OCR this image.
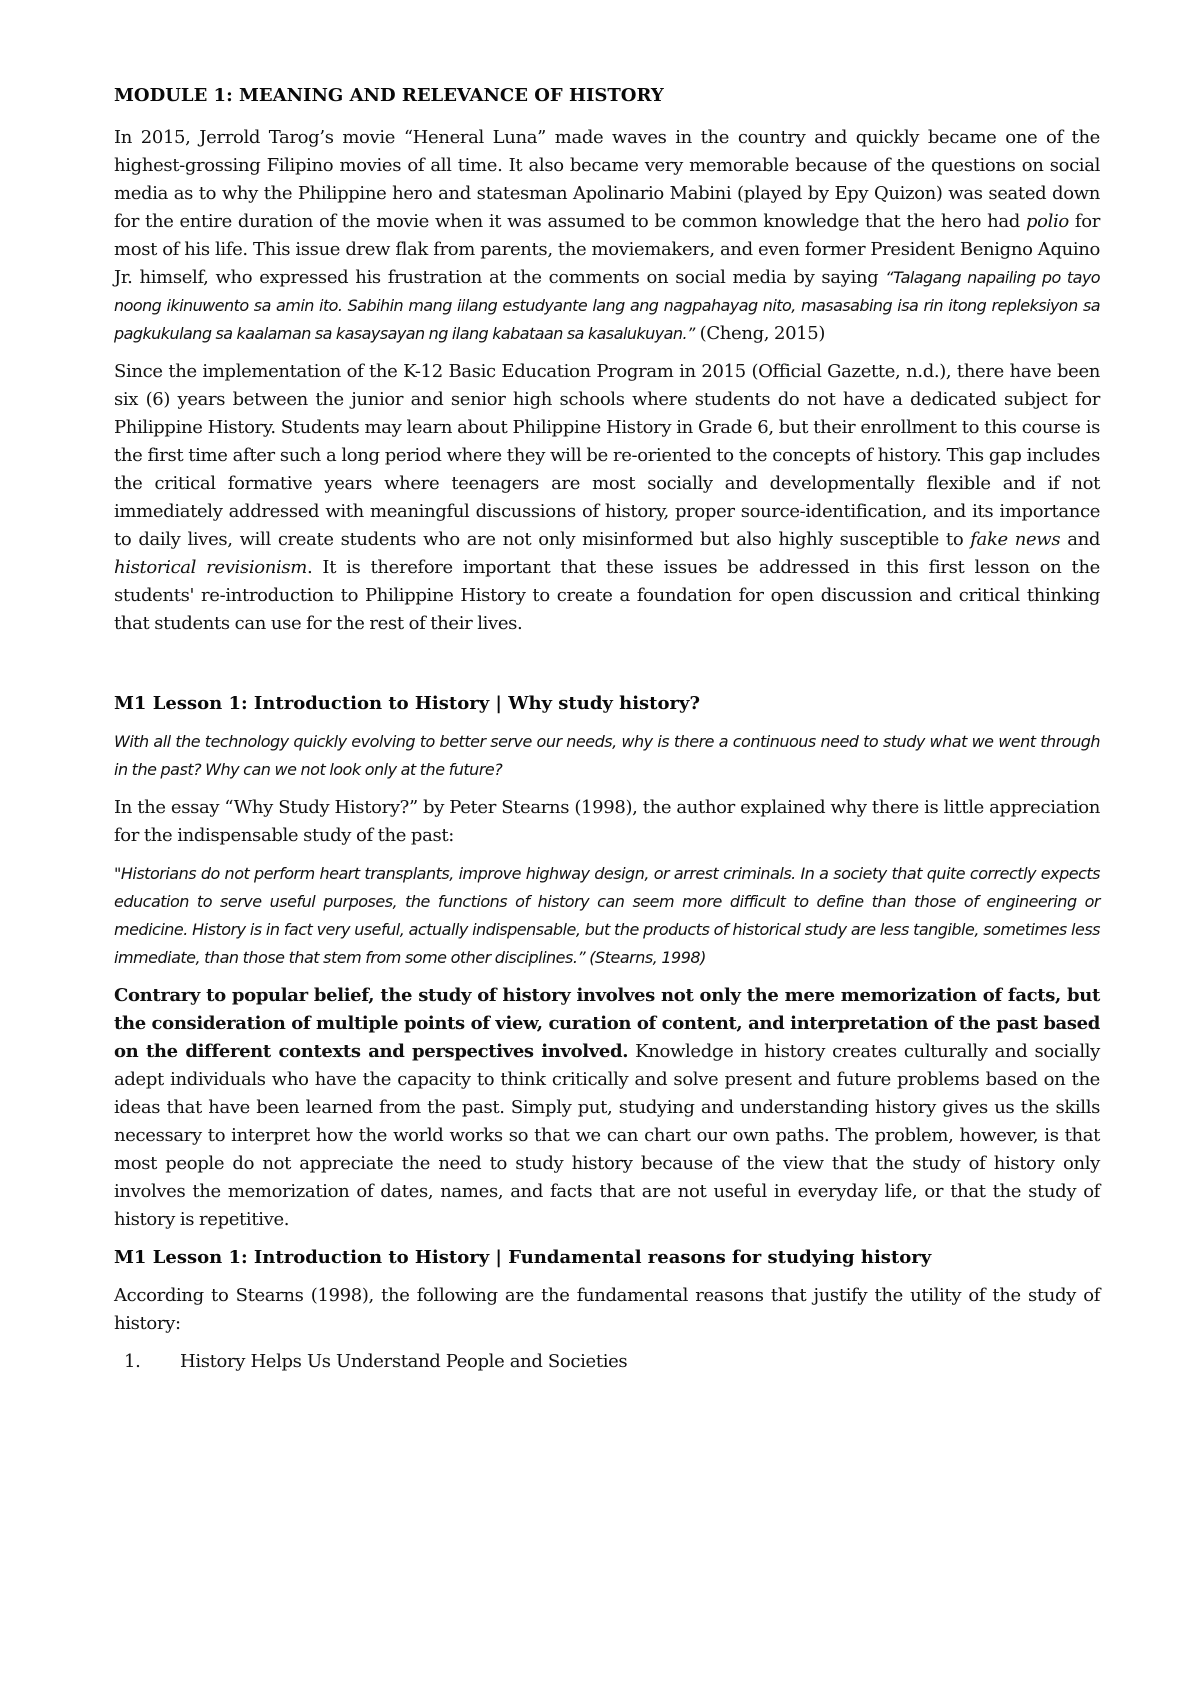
MODULE 1: MEANING AND RELEVANCE OF HISTORY

In 2015, Jerrold Tarog’s movie “Heneral Luna” made waves in the country and quickly became one of the highest-grossing Filipino movies of all time. It also became very memorable because of the questions on social media as to why the Philippine hero and statesman Apolinario Mabini (played by Epy Quizon) was seated down for the entire duration of the movie when it was assumed to be common knowledge that the hero had polio for most of his life. This issue drew flak from parents, the moviemakers, and even former President Benigno Aquino Jr. himself, who expressed his frustration at the comments on social media by saying “Talagang napailing po tayo noong ikinuwento sa amin ito. Sabihin mang iilang estudyante lang ang nagpahayag nito, masasabing isa rin itong repleksiyon sa pagkukulang sa kaalaman sa kasaysayan ng ilang kabataan sa kasalukuyan.” (Cheng, 2015)

Since the implementation of the K-12 Basic Education Program in 2015 (Official Gazette, n.d.), there have been six (6) years between the junior and senior high schools where students do not have a dedicated subject for Philippine History. Students may learn about Philippine History in Grade 6, but their enrollment to this course is the first time after such a long period where they will be re-oriented to the concepts of history. This gap includes the critical formative years where teenagers are most socially and developmentally flexible and if not immediately addressed with meaningful discussions of history, proper source-identification, and its importance to daily lives, will create students who are not only misinformed but also highly susceptible to fake news and historical revisionism. It is therefore important that these issues be addressed in this first lesson on the students' re-introduction to Philippine History to create a foundation for open discussion and critical thinking that students can use for the rest of their lives.

M1 Lesson 1: Introduction to History | Why study history?

With all the technology quickly evolving to better serve our needs, why is there a continuous need to study what we went through in the past? Why can we not look only at the future?

In the essay “Why Study History?” by Peter Stearns (1998), the author explained why there is little appreciation for the indispensable study of the past:

"Historians do not perform heart transplants, improve highway design, or arrest criminals. In a society that quite correctly expects education to serve useful purposes, the functions of history can seem more difficult to define than those of engineering or medicine. History is in fact very useful, actually indispensable, but the products of historical study are less tangible, sometimes less immediate, than those that stem from some other disciplines.” (Stearns, 1998)

Contrary to popular belief, the study of history involves not only the mere memorization of facts, but the consideration of multiple points of view, curation of content, and interpretation of the past based on the different contexts and perspectives involved. Knowledge in history creates culturally and socially adept individuals who have the capacity to think critically and solve present and future problems based on the ideas that have been learned from the past. Simply put, studying and understanding history gives us the skills necessary to interpret how the world works so that we can chart our own paths. The problem, however, is that most people do not appreciate the need to study history because of the view that the study of history only involves the memorization of dates, names, and facts that are not useful in everyday life, or that the study of history is repetitive.

M1 Lesson 1: Introduction to History | Fundamental reasons for studying history

According to Stearns (1998), the following are the fundamental reasons that justify the utility of the study of history:

1. History Helps Us Understand People and Societies
